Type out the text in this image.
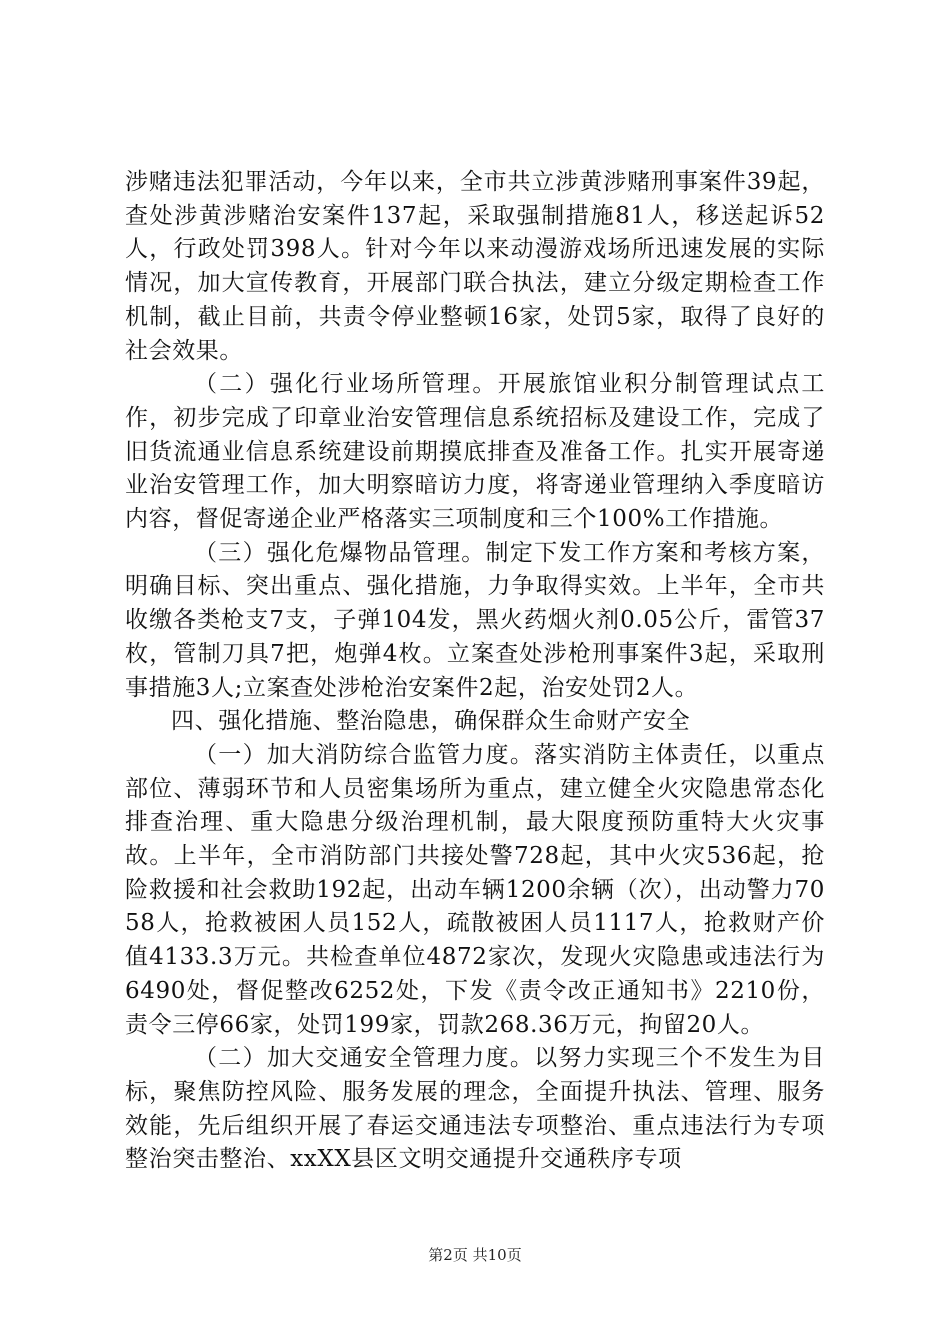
涉赌违法犯罪活动，今年以来，全市共立涉黄涉赌刑事案件39起，查处涉黄涉赌治安案件137起，采取强制措施81人，移送起诉52人，行政处罚398人。针对今年以来动漫游戏场所迅速发展的实际情况，加大宣传教育，开展部门联合执法，建立分级定期检查工作机制，截止目前，共责令停业整顿16家，处罚5家，取得了良好的社会效果。

（二）强化行业场所管理。开展旅馆业积分制管理试点工作，初步完成了印章业治安管理信息系统招标及建设工作，完成了旧货流通业信息系统建设前期摸底排查及准备工作。扎实开展寄递业治安管理工作，加大明察暗访力度，将寄递业管理纳入季度暗访内容，督促寄递企业严格落实三项制度和三个100%工作措施。

（三）强化危爆物品管理。制定下发工作方案和考核方案，明确目标、突出重点、强化措施，力争取得实效。上半年，全市共收缴各类枪支7支，子弹104发，黑火药烟火剂0.05公斤，雷管37枚，管制刀具7把，炮弹4枚。立案查处涉枪刑事案件3起，采取刑事措施3人;立案查处涉枪治安案件2起，治安处罚2人。

四、强化措施、整治隐患，确保群众生命财产安全

（一）加大消防综合监管力度。落实消防主体责任，以重点部位、薄弱环节和人员密集场所为重点，建立健全火灾隐患常态化排查治理、重大隐患分级治理机制，最大限度预防重特大火灾事故。上半年，全市消防部门共接处警728起，其中火灾536起，抢险救援和社会救助192起，出动车辆1200余辆（次），出动警力7058人，抢救被困人员152人，疏散被困人员1117人，抢救财产价值4133.3万元。共检查单位4872家次，发现火灾隐患或违法行为6490处，督促整改6252处，下发《责令改正通知书》2210份，责令三停66家，处罚199家，罚款268.36万元，拘留20人。

（二）加大交通安全管理力度。以努力实现三个不发生为目标，聚焦防控风险、服务发展的理念，全面提升执法、管理、服务效能，先后组织开展了春运交通违法专项整治、重点违法行为专项整治突击整治、xxXX县区文明交通提升交通秩序专项

第2页 共10页
